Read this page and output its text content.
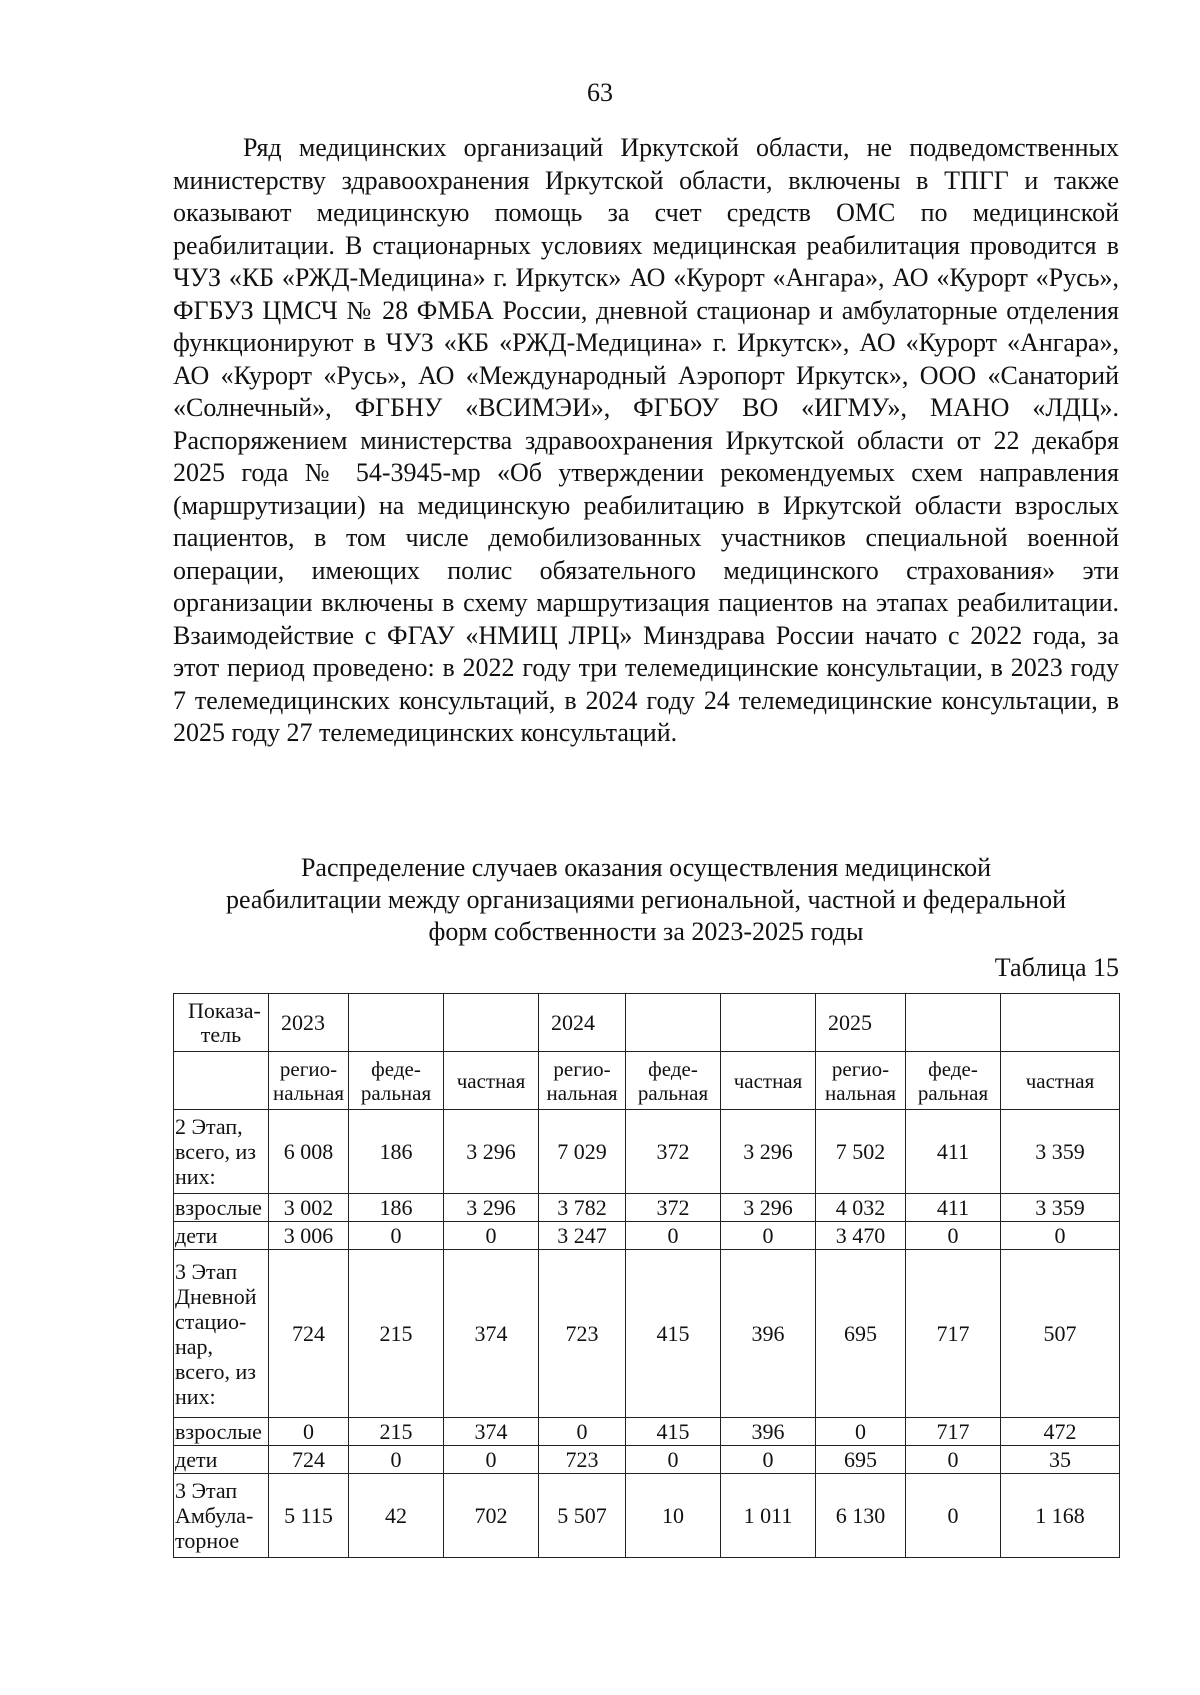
63

Ряд медицинских организаций Иркутской области, не подведомственных министерству здравоохранения Иркутской области, включены в ТПГГ и также оказывают медицинскую помощь за счет средств ОМС по медицинской реабилитации. В стационарных условиях медицинская реабилитация проводится в ЧУЗ «КБ «РЖД-Медицина» г. Иркутск» АО «Курорт «Ангара», АО «Курорт «Русь», ФГБУЗ ЦМСЧ № 28 ФМБА России, дневной стационар и амбулаторные отделения функционируют в ЧУЗ «КБ «РЖД-Медицина» г. Иркутск», АО «Курорт «Ангара», АО «Курорт «Русь», АО «Международный Аэропорт Иркутск», ООО «Санаторий «Солнечный», ФГБНУ «ВСИМЭИ», ФГБОУ ВО «ИГМУ», МАНО «ЛДЦ». Распоряжением министерства здравоохранения Иркутской области от 22 декабря 2025 года № 54-3945-мр «Об утверждении рекомендуемых схем направления (маршрутизации) на медицинскую реабилитацию в Иркутской области взрослых пациентов, в том числе демобилизованных участников специальной военной операции, имеющих полис обязательного медицинского страхования» эти организации включены в схему маршрутизация пациентов на этапах реабилитации. Взаимодействие с ФГАУ «НМИЦ ЛРЦ» Минздрава России начато с 2022 года, за этот период проведено: в 2022 году три телемедицинские консультации, в 2023 году 7 телемедицинских консультаций, в 2024 году 24 телемедицинские консультации, в 2025 году 27 телемедицинских консультаций.

Распределение случаев оказания осуществления медицинской
реабилитации между организациями региональной, частной и федеральной
форм собственности за 2023-2025 годы
Таблица 15
Показа-тель	2023			2024			2025		
	регио-нальная	феде-ральная	частная	регио-нальная	феде-ральная	частная	регио-нальная	феде-ральная	частная
2 Этап, всего, из них:	6 008	186	3 296	7 029	372	3 296	7 502	411	3 359
взрослые	3 002	186	3 296	3 782	372	3 296	4 032	411	3 359
дети	3 006	0	0	3 247	0	0	3 470	0	0
3 Этап Дневной стацио-нар, всего, из них:	724	215	374	723	415	396	695	717	507
взрослые	0	215	374	0	415	396	0	717	472
дети	724	0	0	723	0	0	695	0	35
3 Этап Амбула-торное	5 115	42	702	5 507	10	1 011	6 130	0	1 168
